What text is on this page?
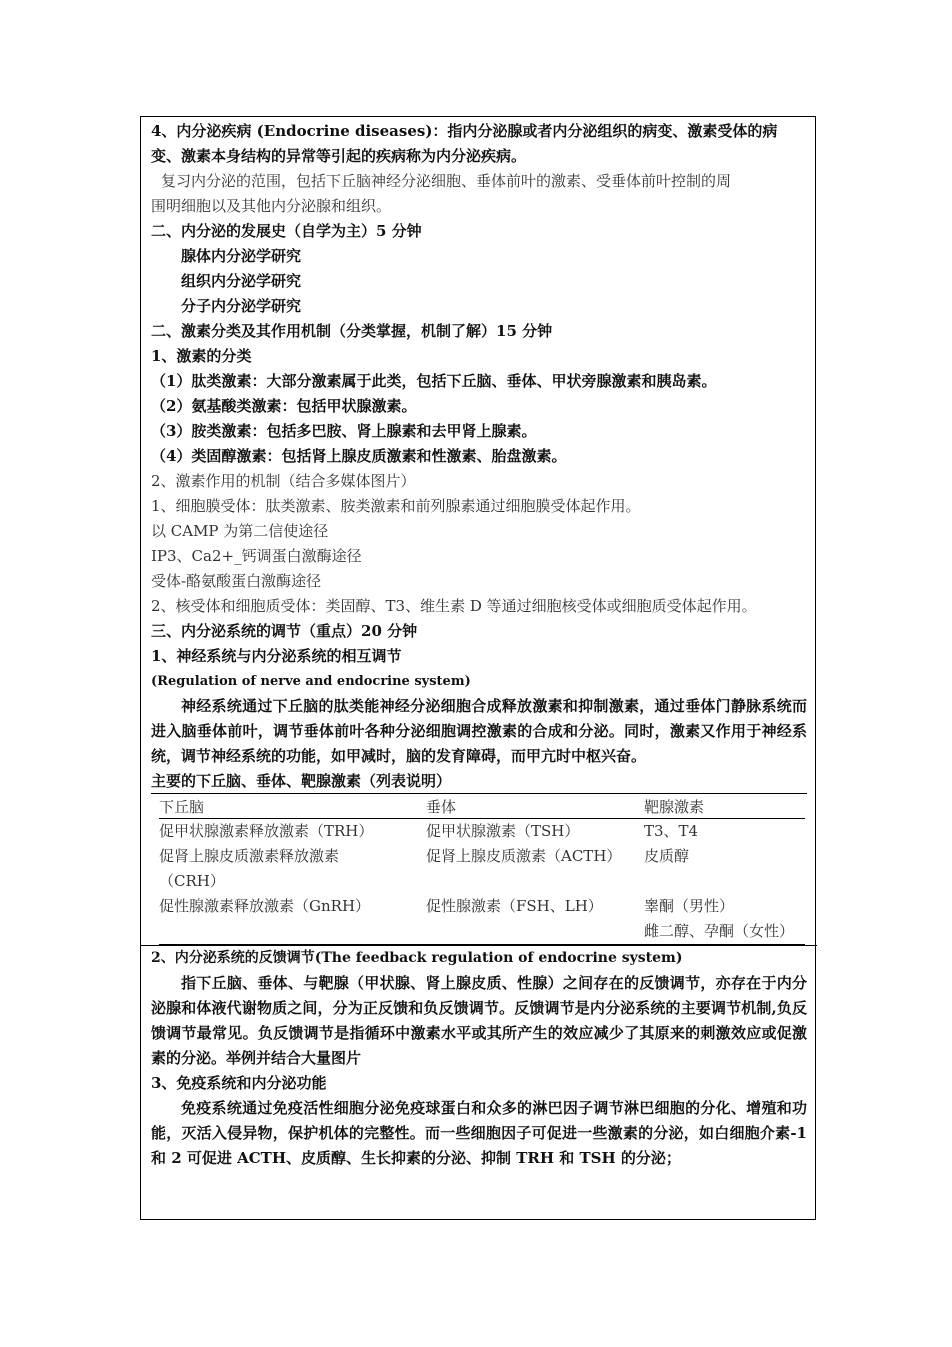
4、内分泌疾病 (Endocrine diseases)：指内分泌腺或者内分泌组织的病变、激素受体的病
变、激素本身结构的异常等引起的疾病称为内分泌疾病。
复习内分泌的范围，包括下丘脑神经分泌细胞、垂体前叶的激素、受垂体前叶控制的周
围明细胞以及其他内分泌腺和组织。
二、内分泌的发展史（自学为主）5 分钟
腺体内分泌学研究
组织内分泌学研究
分子内分泌学研究
二、激素分类及其作用机制（分类掌握，机制了解）15 分钟
1、激素的分类
（1）肽类激素：大部分激素属于此类，包括下丘脑、垂体、甲状旁腺激素和胰岛素。
（2）氨基酸类激素：包括甲状腺激素。
（3）胺类激素：包括多巴胺、肾上腺素和去甲肾上腺素。
（4）类固醇激素：包括肾上腺皮质激素和性激素、胎盘激素。
2、激素作用的机制（结合多媒体图片）
1、细胞膜受体：肽类激素、胺类激素和前列腺素通过细胞膜受体起作用。
以 CAMP 为第二信使途径
IP3、Ca2+_钙调蛋白激酶途径
受体-酪氨酸蛋白激酶途径
2、核受体和细胞质受体：类固醇、T3、维生素 D 等通过细胞核受体或细胞质受体起作用。
三、内分泌系统的调节（重点）20 分钟
1、神经系统与内分泌系统的相互调节
(Regulation of nerve and endocrine system)
神经系统通过下丘脑的肽类能神经分泌细胞合成释放激素和抑制激素，通过垂体门静脉系统而进入脑垂体前叶，调节垂体前叶各种分泌细胞调控激素的合成和分泌。同时，激素又作用于神经系统，调节神经系统的功能，如甲减时，脑的发育障碍，而甲亢时中枢兴奋。
主要的下丘脑、垂体、靶腺激素（列表说明）
下丘脑	垂体	靶腺激素
促甲状腺激素释放激素（TRH）	促甲状腺激素（TSH）	T3、T4
促肾上腺皮质激素释放激素（CRH）	促肾上腺皮质激素（ACTH）	皮质醇
促性腺激素释放激素（GnRH）	促性腺激素（FSH、LH）	睾酮（男性）
雌二醇、孕酮（女性）
2、内分泌系统的反馈调节(The feedback regulation of endocrine system)
指下丘脑、垂体、与靶腺（甲状腺、肾上腺皮质、性腺）之间存在的反馈调节，亦存在于内分泌腺和体液代谢物质之间，分为正反馈和负反馈调节。反馈调节是内分泌系统的主要调节机制,负反馈调节最常见。负反馈调节是指循环中激素水平或其所产生的效应减少了其原来的刺激效应或促激素的分泌。举例并结合大量图片
3、免疫系统和内分泌功能
免疫系统通过免疫活性细胞分泌免疫球蛋白和众多的淋巴因子调节淋巴细胞的分化、增殖和功能，灭活入侵异物，保护机体的完整性。而一些细胞因子可促进一些激素的分泌，如白细胞介素-1 和 2 可促进 ACTH、皮质醇、生长抑素的分泌、抑制 TRH 和 TSH 的分泌；
